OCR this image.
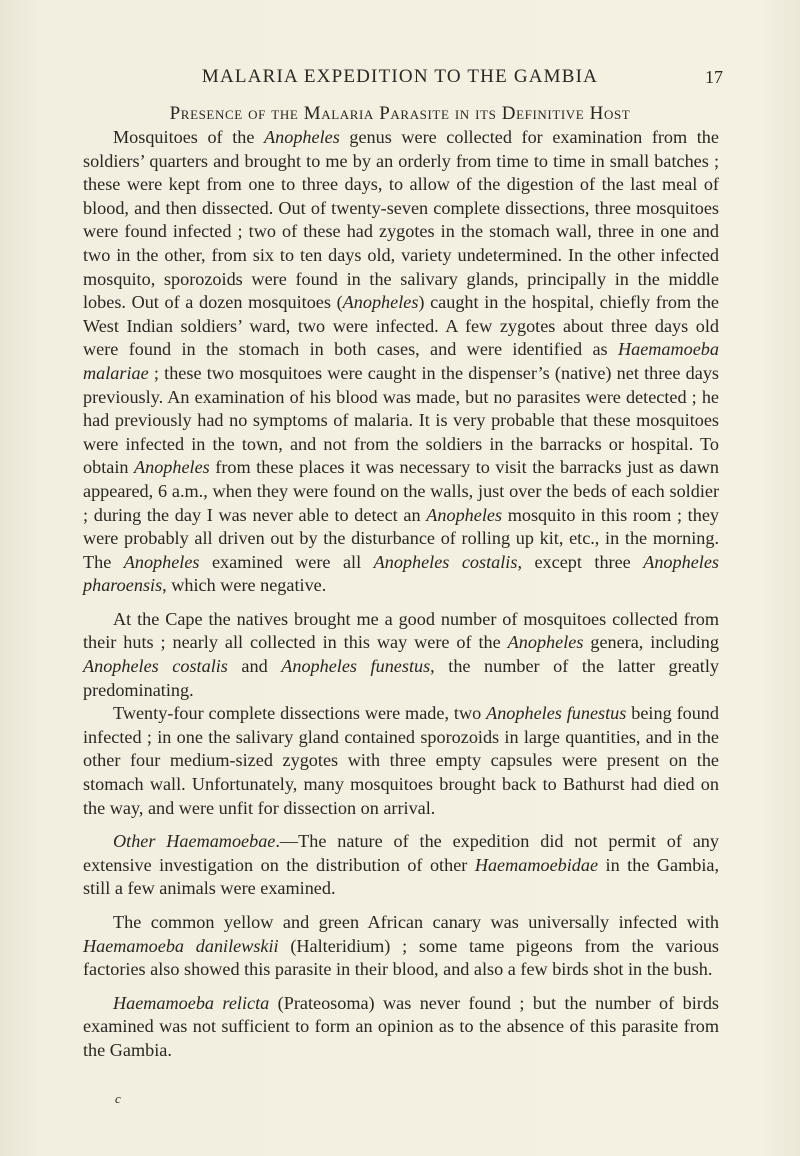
MALARIA EXPEDITION TO THE GAMBIA	17
Presence of the Malaria Parasite in its Definitive Host

Mosquitoes of the Anopheles genus were collected for examination from the soldiers’ quarters and brought to me by an orderly from time to time in small batches ; these were kept from one to three days, to allow of the digestion of the last meal of blood, and then dissected. Out of twenty-seven complete dissections, three mosquitoes were found infected ; two of these had zygotes in the stomach wall, three in one and two in the other, from six to ten days old, variety undetermined. In the other infected mosquito, sporozoids were found in the salivary glands, principally in the middle lobes. Out of a dozen mosquitoes (Anopheles) caught in the hospital, chiefly from the West Indian soldiers’ ward, two were infected. A few zygotes about three days old were found in the stomach in both cases, and were identified as Haemamoeba malariae ; these two mosquitoes were caught in the dispenser’s (native) net three days previously. An examination of his blood was made, but no parasites were detected ; he had previously had no symptoms of malaria. It is very probable that these mosquitoes were infected in the town, and not from the soldiers in the barracks or hospital. To obtain Anopheles from these places it was necessary to visit the barracks just as dawn appeared, 6 a.m., when they were found on the walls, just over the beds of each soldier ; during the day I was never able to detect an Anopheles mosquito in this room ; they were probably all driven out by the disturbance of rolling up kit, etc., in the morning. The Anopheles examined were all Anopheles costalis, except three Anopheles pharoensis, which were negative.

At the Cape the natives brought me a good number of mosquitoes collected from their huts ; nearly all collected in this way were of the Anopheles genera, including Anopheles costalis and Anopheles funestus, the number of the latter greatly predominating.

Twenty-four complete dissections were made, two Anopheles funestus being found infected ; in one the salivary gland contained sporozoids in large quantities, and in the other four medium-sized zygotes with three empty capsules were present on the stomach wall. Unfortunately, many mosquitoes brought back to Bathurst had died on the way, and were unfit for dissection on arrival.

Other Haemamoebae.—The nature of the expedition did not permit of any extensive investigation on the distribution of other Haemamoebidae in the Gambia, still a few animals were examined.

The common yellow and green African canary was universally infected with Haemamoeba danilewskii (Halteridium) ; some tame pigeons from the various factories also showed this parasite in their blood, and also a few birds shot in the bush.

Haemamoeba relicta (Prateosoma) was never found ; but the number of birds examined was not sufficient to form an opinion as to the absence of this parasite from the Gambia.

c
